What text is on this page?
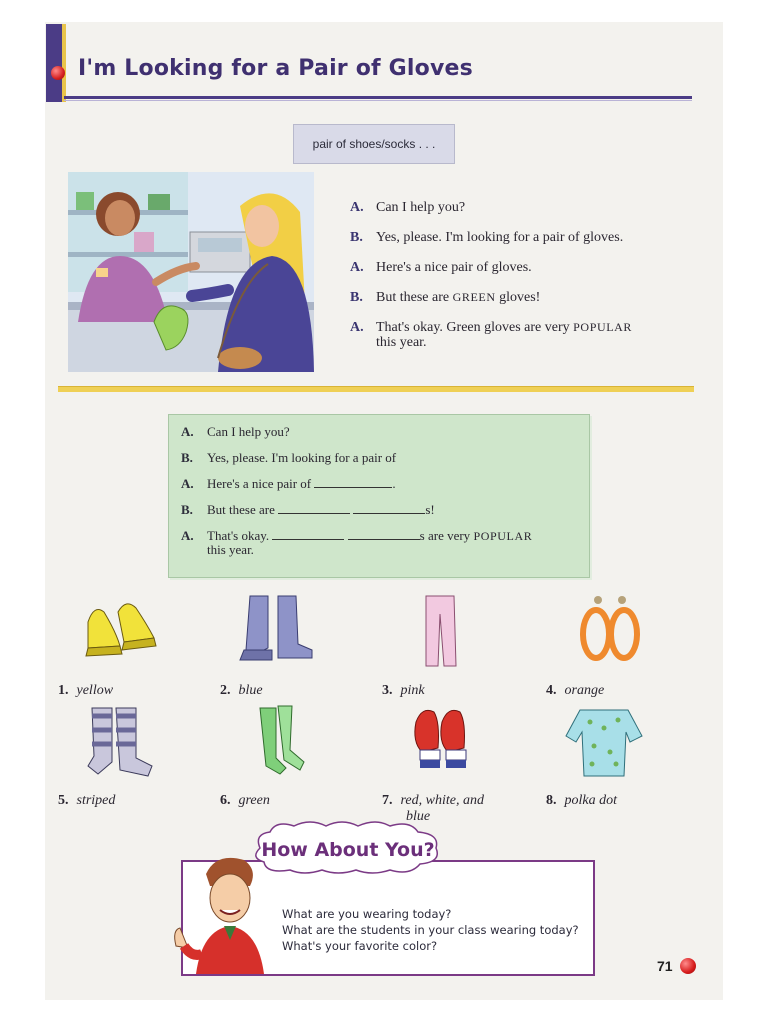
I'm Looking for a Pair of Gloves
pair of shoes/socks . . .
A. Can I help you?
B. Yes, please. I'm looking for a pair of gloves.
A. Here's a nice pair of gloves.
B. But these are GREEN gloves!
A. That's okay. Green gloves are very POPULAR
this year.
A.	Can I help you?
B.	Yes, please. I'm looking for a pair of
A.	Here's a nice pair of	.
B.	But these are	s!
A.	That's okay.	s are very POPULAR
this year.
1. yellow	2. blue	3. pink	4. orange
5. striped	6. green	7. red, white, and
blue
8. polka dot
How About You?
What are you wearing today?
What are the students in your class wearing today?
What's your favorite color?
71
